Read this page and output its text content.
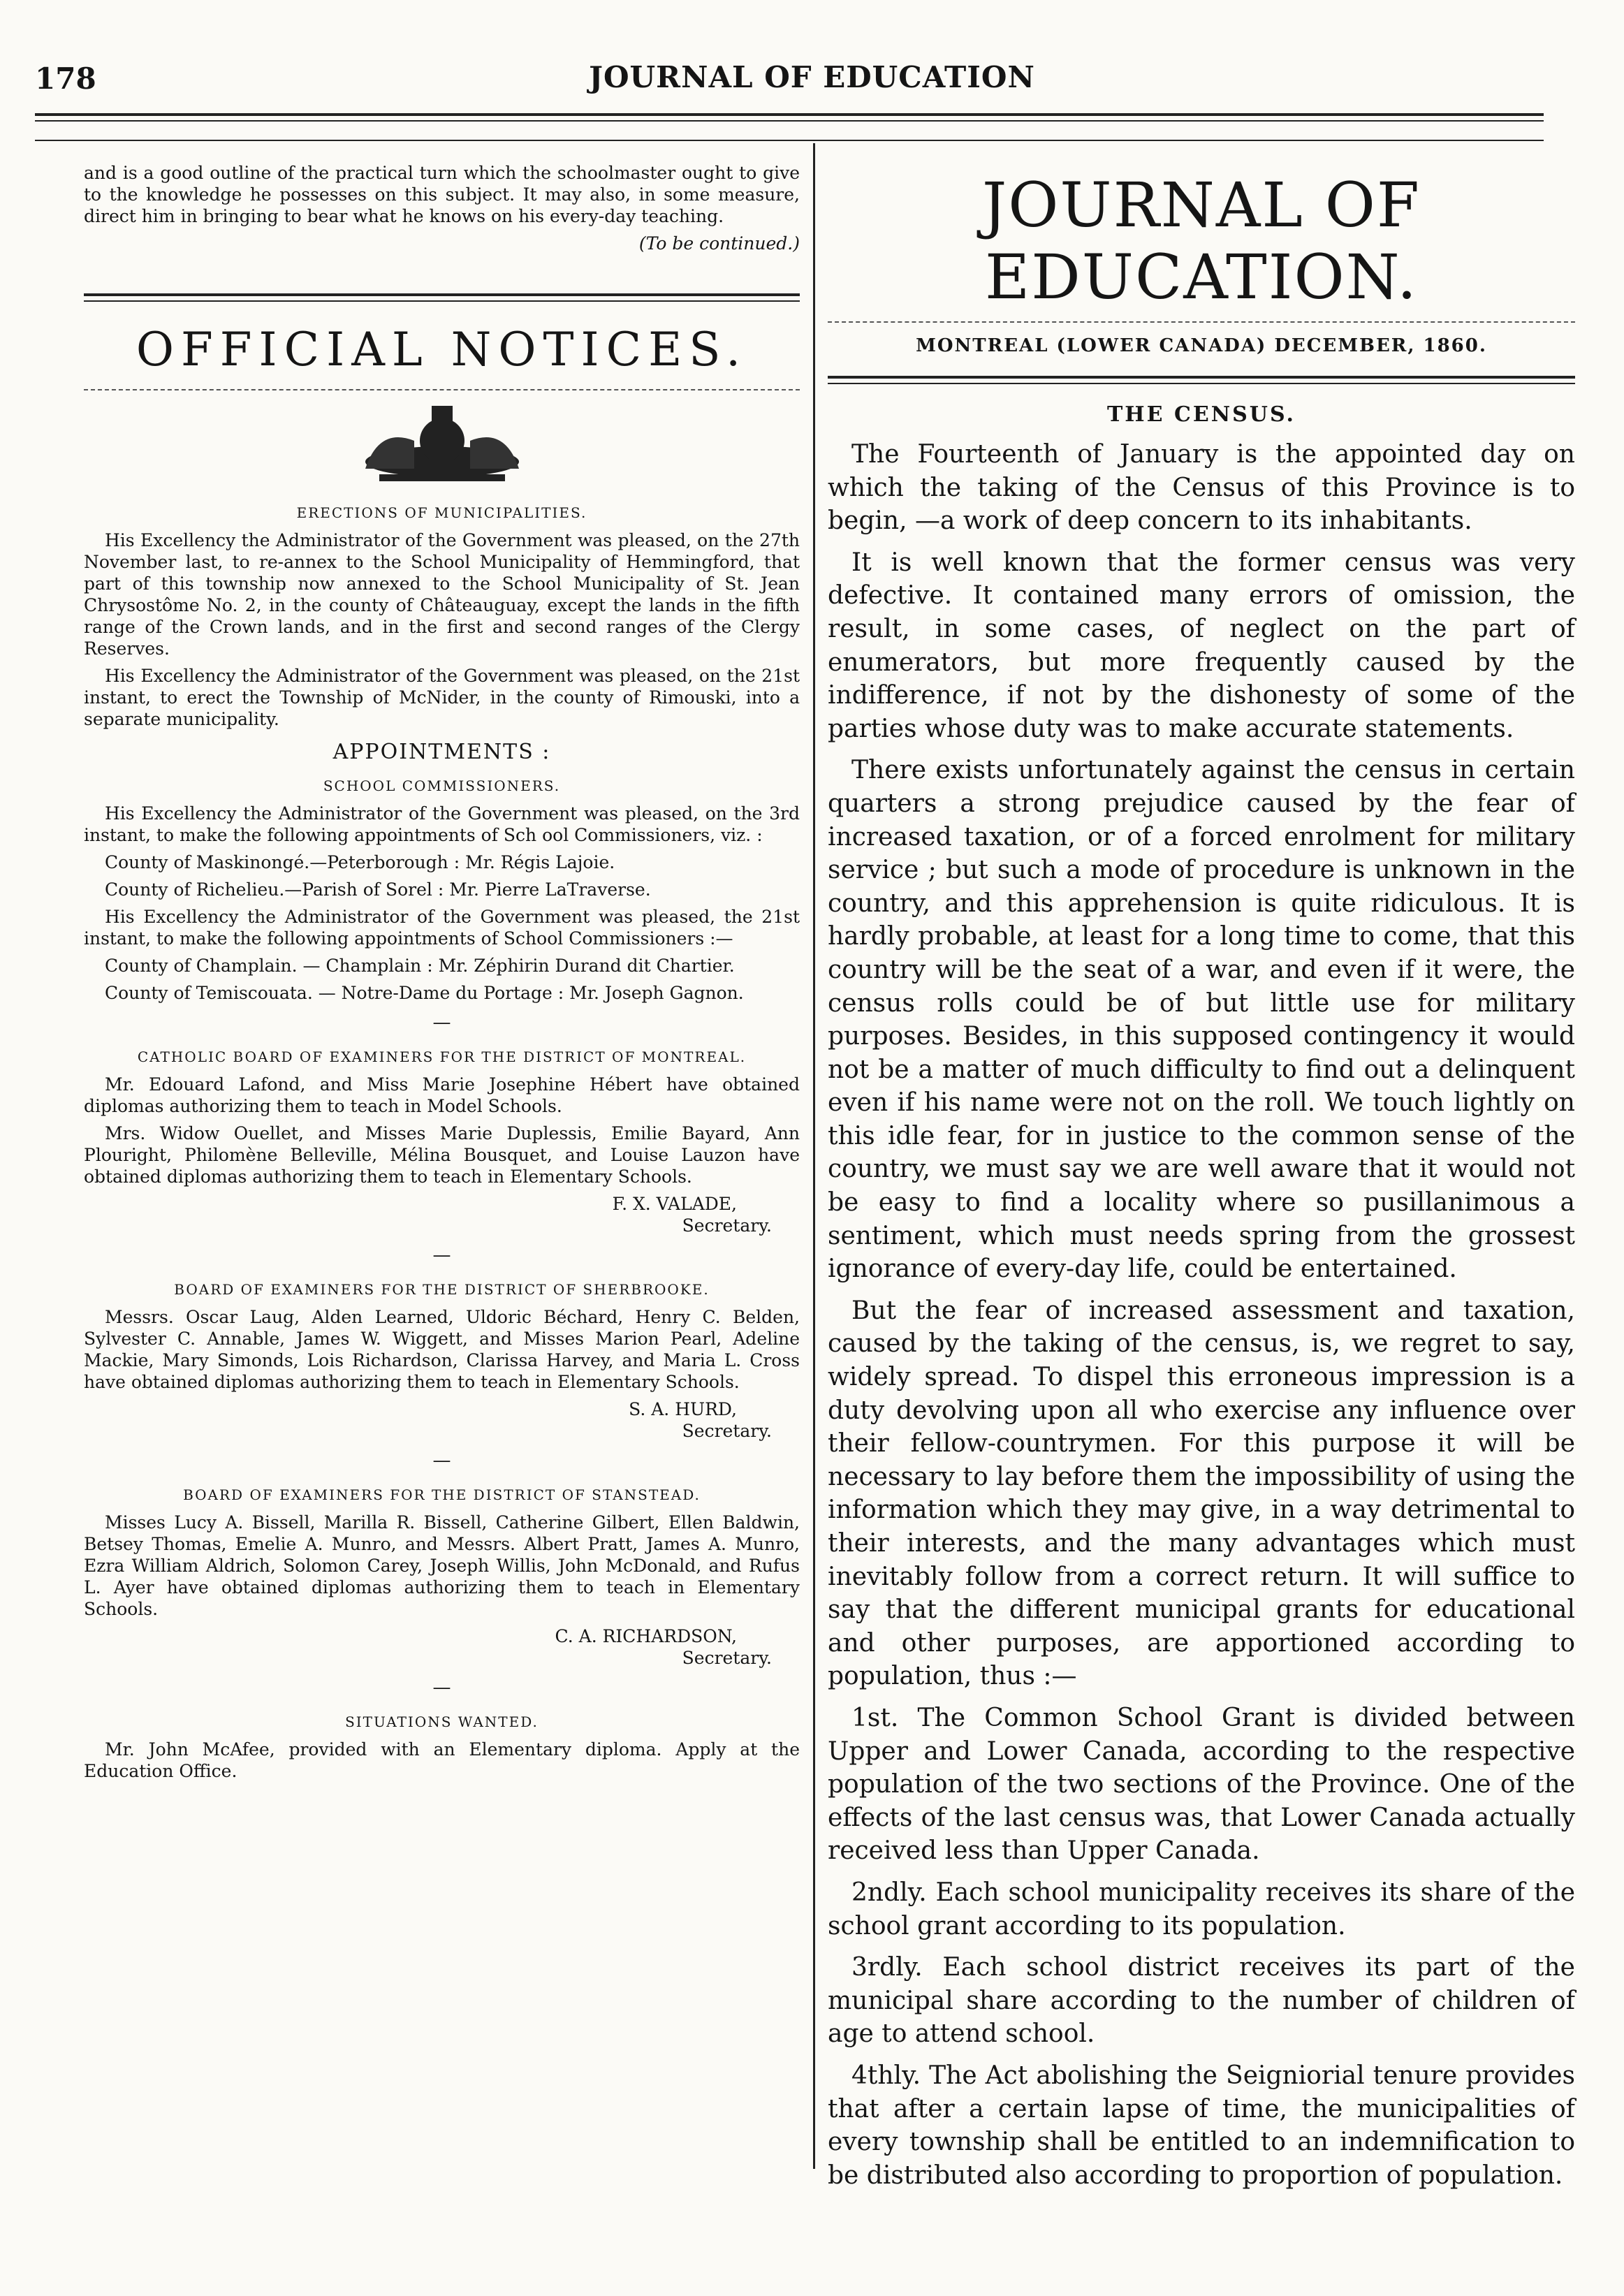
178	JOURNAL OF EDUCATION

and is a good outline of the practical turn which the schoolmaster ought to give to the knowledge he possesses on this subject. It may also, in some measure, direct him in bringing to bear what he knows on his every-day teaching.

(To be continued.)

OFFICIAL NOTICES.
ERECTIONS OF MUNICIPALITIES.

His Excellency the Administrator of the Government was pleased, on the 27th November last, to re-annex to the School Municipality of Hemmingford, that part of this township now annexed to the School Municipality of St. Jean Chrysostôme No. 2, in the county of Châteauguay, except the lands in the fifth range of the Crown lands, and in the first and second ranges of the Clergy Reserves.

His Excellency the Administrator of the Government was pleased, on the 21st instant, to erect the Township of McNider, in the county of Rimouski, into a separate municipality.

APPOINTMENTS :
SCHOOL COMMISSIONERS.

His Excellency the Administrator of the Government was pleased, on the 3rd instant, to make the following appointments of Sch ool Commissioners, viz. :

County of Maskinongé.—Peterborough : Mr. Régis Lajoie.

County of Richelieu.—Parish of Sorel : Mr. Pierre LaTraverse.

His Excellency the Administrator of the Government was pleased, the 21st instant, to make the following appointments of School Commissioners :—

County of Champlain. — Champlain : Mr. Zéphirin Durand dit Chartier.

County of Temiscouata. — Notre-Dame du Portage : Mr. Joseph Gagnon.

—
CATHOLIC BOARD OF EXAMINERS FOR THE DISTRICT OF MONTREAL.

Mr. Edouard Lafond, and Miss Marie Josephine Hébert have obtained diplomas authorizing them to teach in Model Schools.

Mrs. Widow Ouellet, and Misses Marie Duplessis, Emilie Bayard, Ann Plouright, Philomène Belleville, Mélina Bousquet, and Louise Lauzon have obtained diplomas authorizing them to teach in Elementary Schools.

F. X. VALADE,
Secretary.
—
BOARD OF EXAMINERS FOR THE DISTRICT OF SHERBROOKE.

Messrs. Oscar Laug, Alden Learned, Uldoric Béchard, Henry C. Belden, Sylvester C. Annable, James W. Wiggett, and Misses Marion Pearl, Adeline Mackie, Mary Simonds, Lois Richardson, Clarissa Harvey, and Maria L. Cross have obtained diplomas authorizing them to teach in Elementary Schools.

S. A. HURD,
Secretary.
—
BOARD OF EXAMINERS FOR THE DISTRICT OF STANSTEAD.

Misses Lucy A. Bissell, Marilla R. Bissell, Catherine Gilbert, Ellen Baldwin, Betsey Thomas, Emelie A. Munro, and Messrs. Albert Pratt, James A. Munro, Ezra William Aldrich, Solomon Carey, Joseph Willis, John McDonald, and Rufus L. Ayer have obtained diplomas authorizing them to teach in Elementary Schools.

C. A. RICHARDSON,
Secretary.
—
SITUATIONS WANTED.

Mr. John McAfee, provided with an Elementary diploma. Apply at the Education Office.

JOURNAL OF EDUCATION.
MONTREAL (LOWER CANADA) DECEMBER, 1860.
THE CENSUS.

The Fourteenth of January is the appointed day on which the taking of the Census of this Province is to begin, —a work of deep concern to its inhabitants.

It is well known that the former census was very defective. It contained many errors of omission, the result, in some cases, of neglect on the part of enumerators, but more frequently caused by the indifference, if not by the dishonesty of some of the parties whose duty was to make accurate statements.

There exists unfortunately against the census in certain quarters a strong prejudice caused by the fear of increased taxation, or of a forced enrolment for military service ; but such a mode of procedure is unknown in the country, and this apprehension is quite ridiculous. It is hardly probable, at least for a long time to come, that this country will be the seat of a war, and even if it were, the census rolls could be of but little use for military purposes. Besides, in this supposed contingency it would not be a matter of much difficulty to find out a delinquent even if his name were not on the roll. We touch lightly on this idle fear, for in justice to the common sense of the country, we must say we are well aware that it would not be easy to find a locality where so pusillanimous a sentiment, which must needs spring from the grossest ignorance of every-day life, could be entertained.

But the fear of increased assessment and taxation, caused by the taking of the census, is, we regret to say, widely spread. To dispel this erroneous impression is a duty devolving upon all who exercise any influence over their fellow-countrymen. For this purpose it will be necessary to lay before them the impossibility of using the information which they may give, in a way detrimental to their interests, and the many advantages which must inevitably follow from a correct return. It will suffice to say that the different municipal grants for educational and other purposes, are apportioned according to population, thus :—

1st. The Common School Grant is divided between Upper and Lower Canada, according to the respective population of the two sections of the Province. One of the effects of the last census was, that Lower Canada actually received less than Upper Canada.

2ndly. Each school municipality receives its share of the school grant according to its population.

3rdly. Each school district receives its part of the municipal share according to the number of children of age to attend school.

4thly. The Act abolishing the Seigniorial tenure provides that after a certain lapse of time, the municipalities of every township shall be entitled to an indemnification to be distributed also according to proportion of population.
